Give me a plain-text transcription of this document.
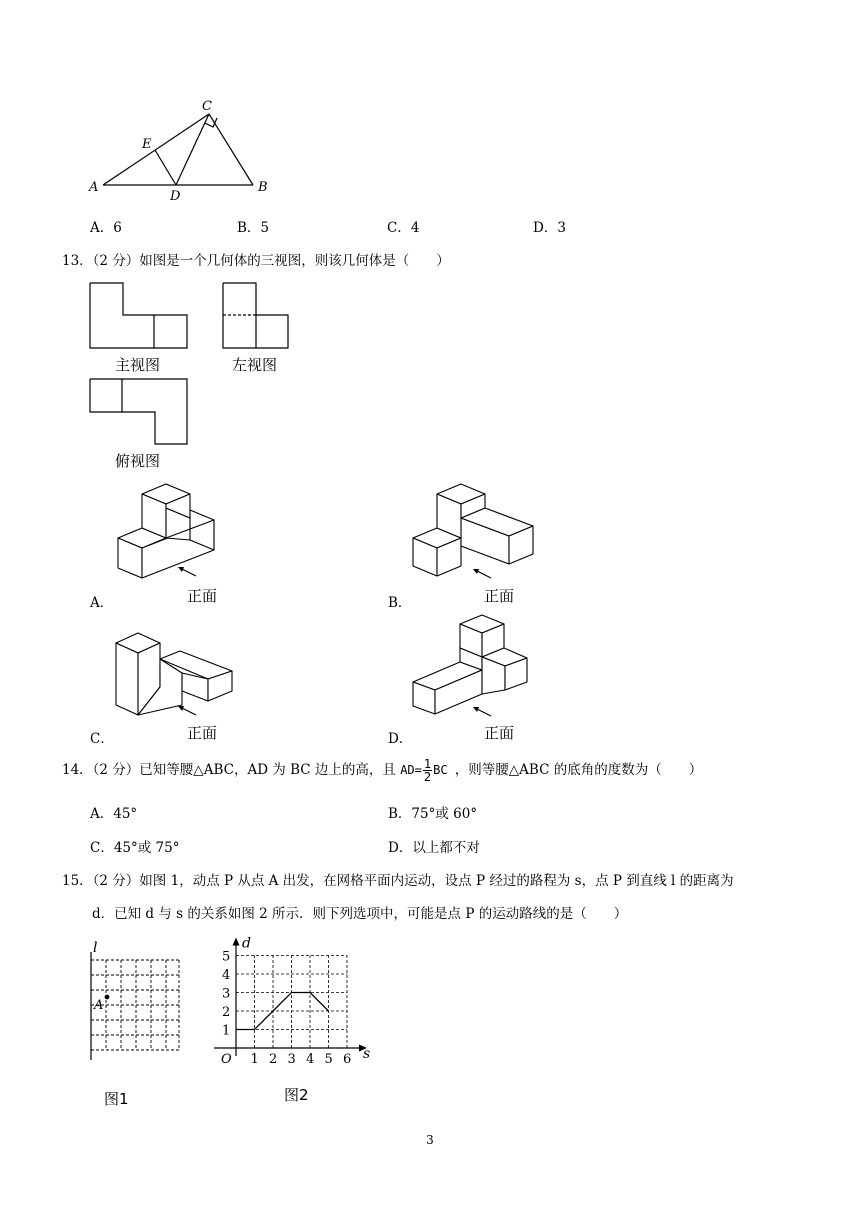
C
E
A
D
B
A．6	B．5	C．4	D．3
13．（2 分）如图是一个几何体的三视图，则该几何体是（　　）
主视图	左视图
俯视图
正面
A．	正面
B．
正面
C．	正面
D．
14．（2 分）已知等腰△ABC，AD 为 BC 边上的高，且 $AD= \frac{1}{2}$ BC ，则等腰△ABC 的底角的度数为（　　）
A．45°	B．75°或 60°
C．45°或 75°	D．以上都不对
15．（2 分）如图 1，动点 P 从点 A 出发，在网格平面内运动，设点 P 经过的路程为 s，点 P 到直线 l 的距离为
d．已知 d 与 s 的关系如图 2 所示．则下列选项中，可能是点 P 的运动路线的是（　　）
l
A
图1
s
d
O 1 2 3 4 5 6
1
2
3
4
5
图2
3
